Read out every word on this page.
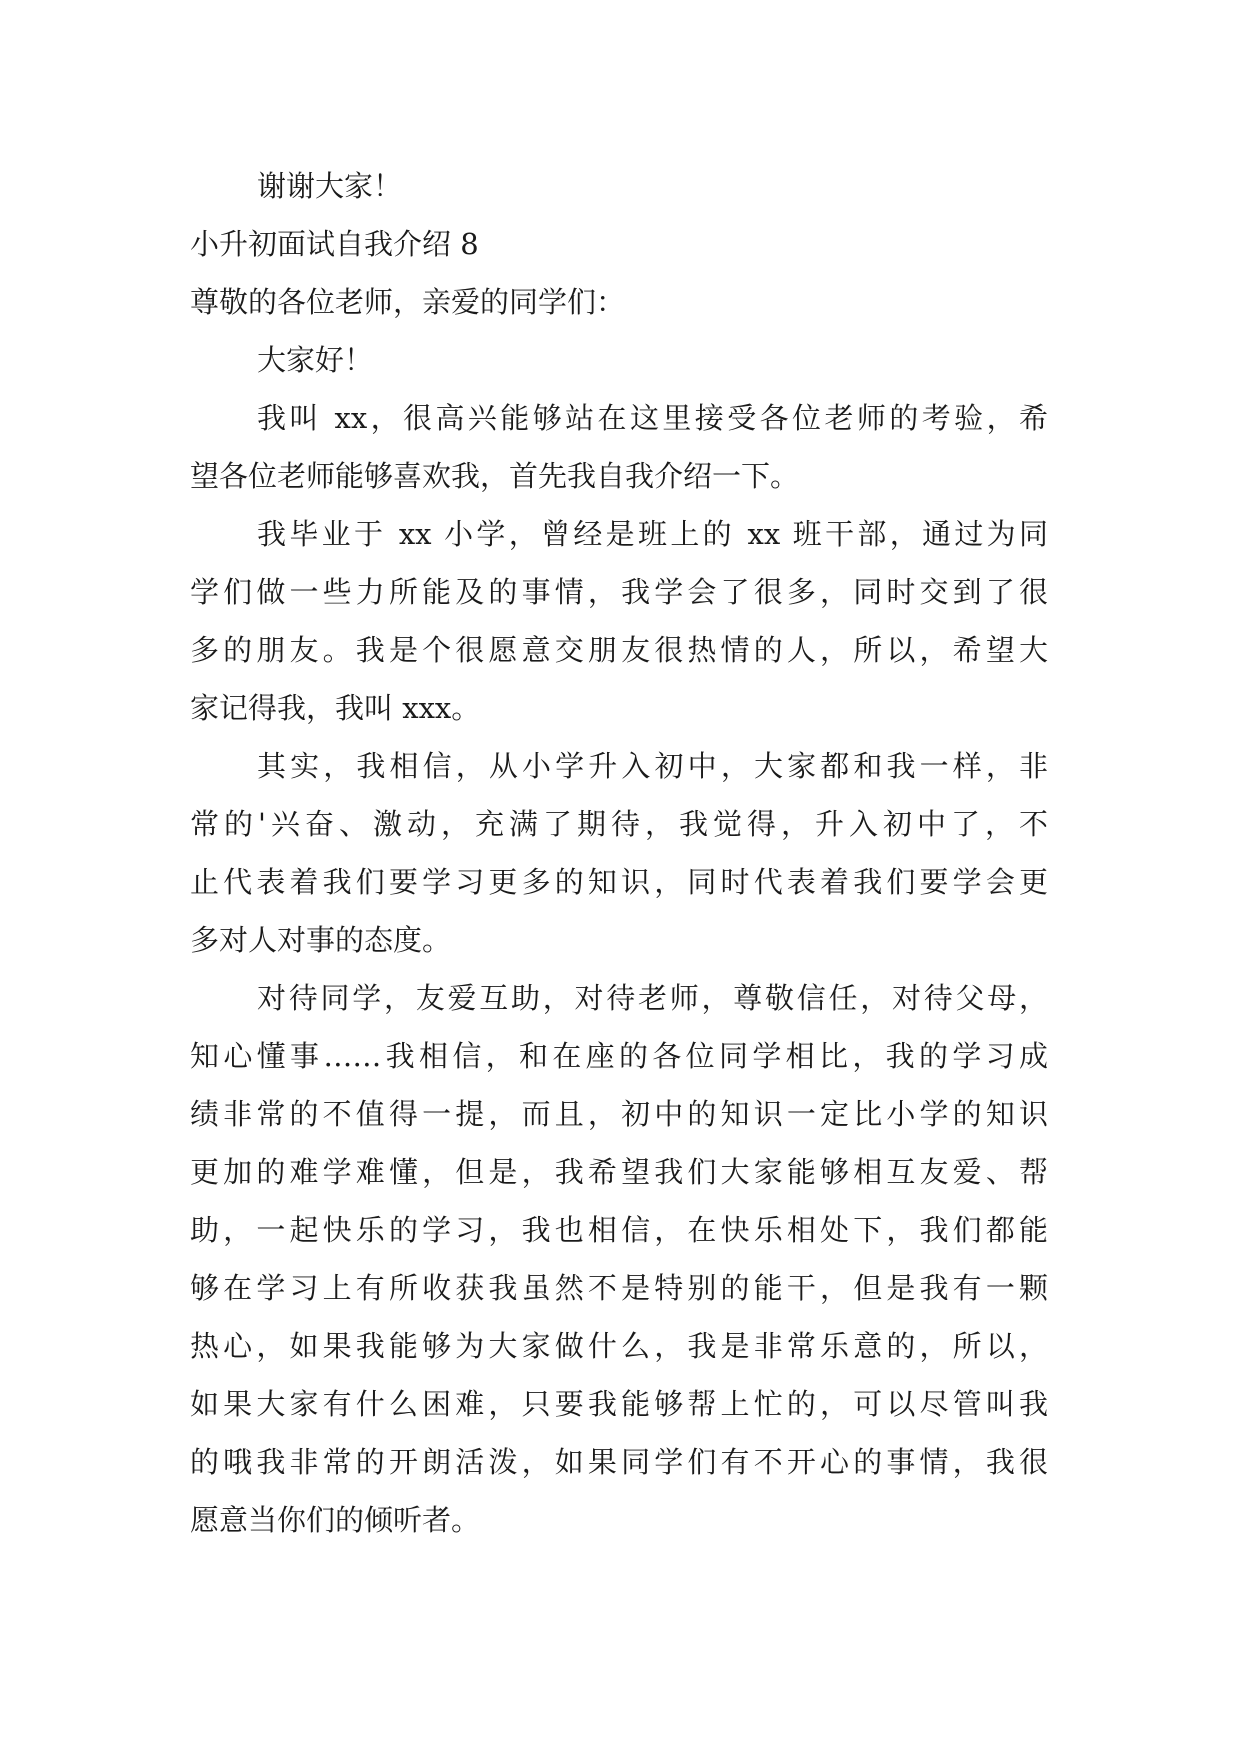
谢谢大家！
小升初面试自我介绍 8
尊敬的各位老师，亲爱的同学们：
大家好！
我叫 xx，很高兴能够站在这里接受各位老师的考验，希
望各位老师能够喜欢我，首先我自我介绍一下。
我毕业于 xx 小学，曾经是班上的 xx 班干部，通过为同
学们做一些力所能及的事情，我学会了很多，同时交到了很
多的朋友。我是个很愿意交朋友很热情的人，所以，希望大
家记得我，我叫 xxx。
其实，我相信，从小学升入初中，大家都和我一样，非
常的'兴奋、激动，充满了期待，我觉得，升入初中了，不
止代表着我们要学习更多的知识，同时代表着我们要学会更
多对人对事的态度。
对待同学，友爱互助，对待老师，尊敬信任，对待父母，
知心懂事……我相信，和在座的各位同学相比，我的学习成
绩非常的不值得一提，而且，初中的知识一定比小学的知识
更加的难学难懂，但是，我希望我们大家能够相互友爱、帮
助，一起快乐的学习，我也相信，在快乐相处下，我们都能
够在学习上有所收获我虽然不是特别的能干，但是我有一颗
热心，如果我能够为大家做什么，我是非常乐意的，所以，
如果大家有什么困难，只要我能够帮上忙的，可以尽管叫我
的哦我非常的开朗活泼，如果同学们有不开心的事情，我很
愿意当你们的倾听者。
